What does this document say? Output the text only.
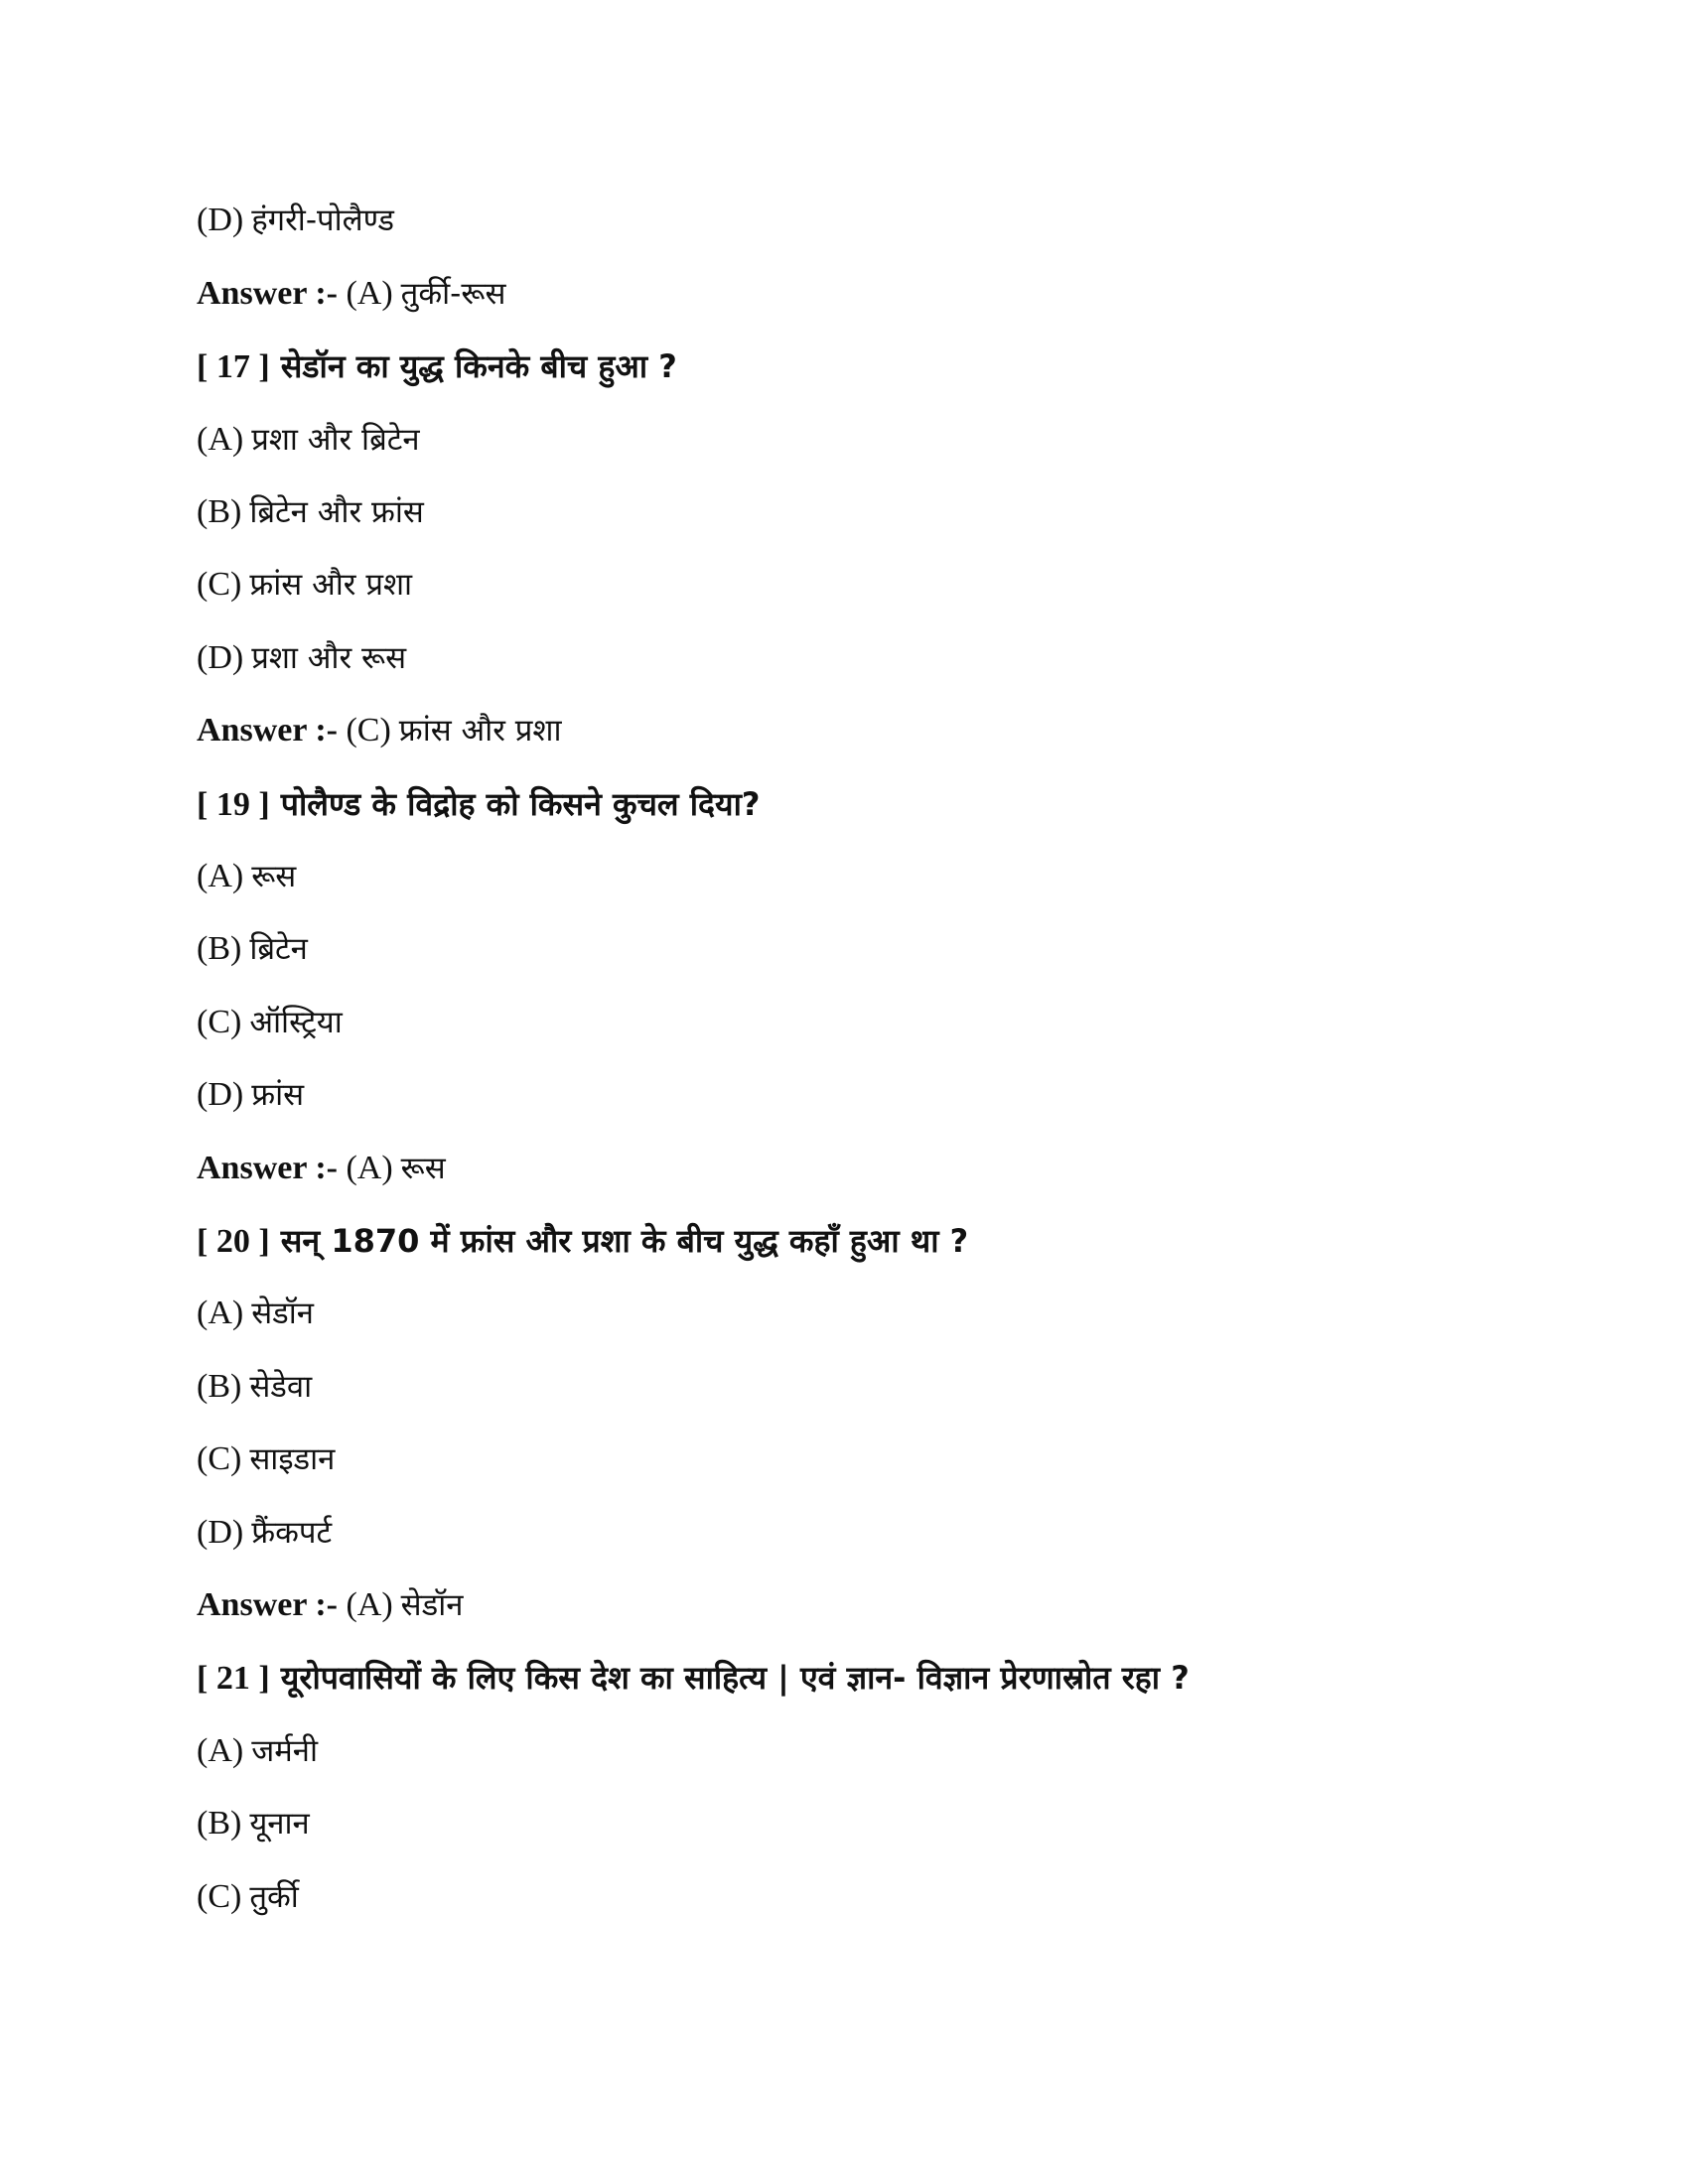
(D) हंगरी-पोलैण्ड
Answer :- (A) तुर्की-रूस
[ 17 ] सेडॉन का युद्ध किनके बीच हुआ ?
(A) प्रशा और ब्रिटेन
(B) ब्रिटेन और फ्रांस
(C) फ्रांस और प्रशा
(D) प्रशा और रूस
Answer :- (C) फ्रांस और प्रशा
[ 19 ] पोलैण्ड के विद्रोह को किसने कुचल दिया?
(A) रूस
(B) ब्रिटेन
(C) ऑस्ट्रिया
(D) फ्रांस
Answer :- (A) रूस
[ 20 ] सन् 1870 में फ्रांस और प्रशा के बीच युद्ध कहाँ हुआ था ?
(A) सेडॉन
(B) सेडेवा
(C) साइडान
(D) फ्रैंकपर्ट
Answer :- (A) सेडॉन
[ 21 ] यूरोपवासियों के लिए किस देश का साहित्य | एवं ज्ञान- विज्ञान प्रेरणास्रोत रहा ?
(A) जर्मनी
(B) यूनान
(C) तुर्की
